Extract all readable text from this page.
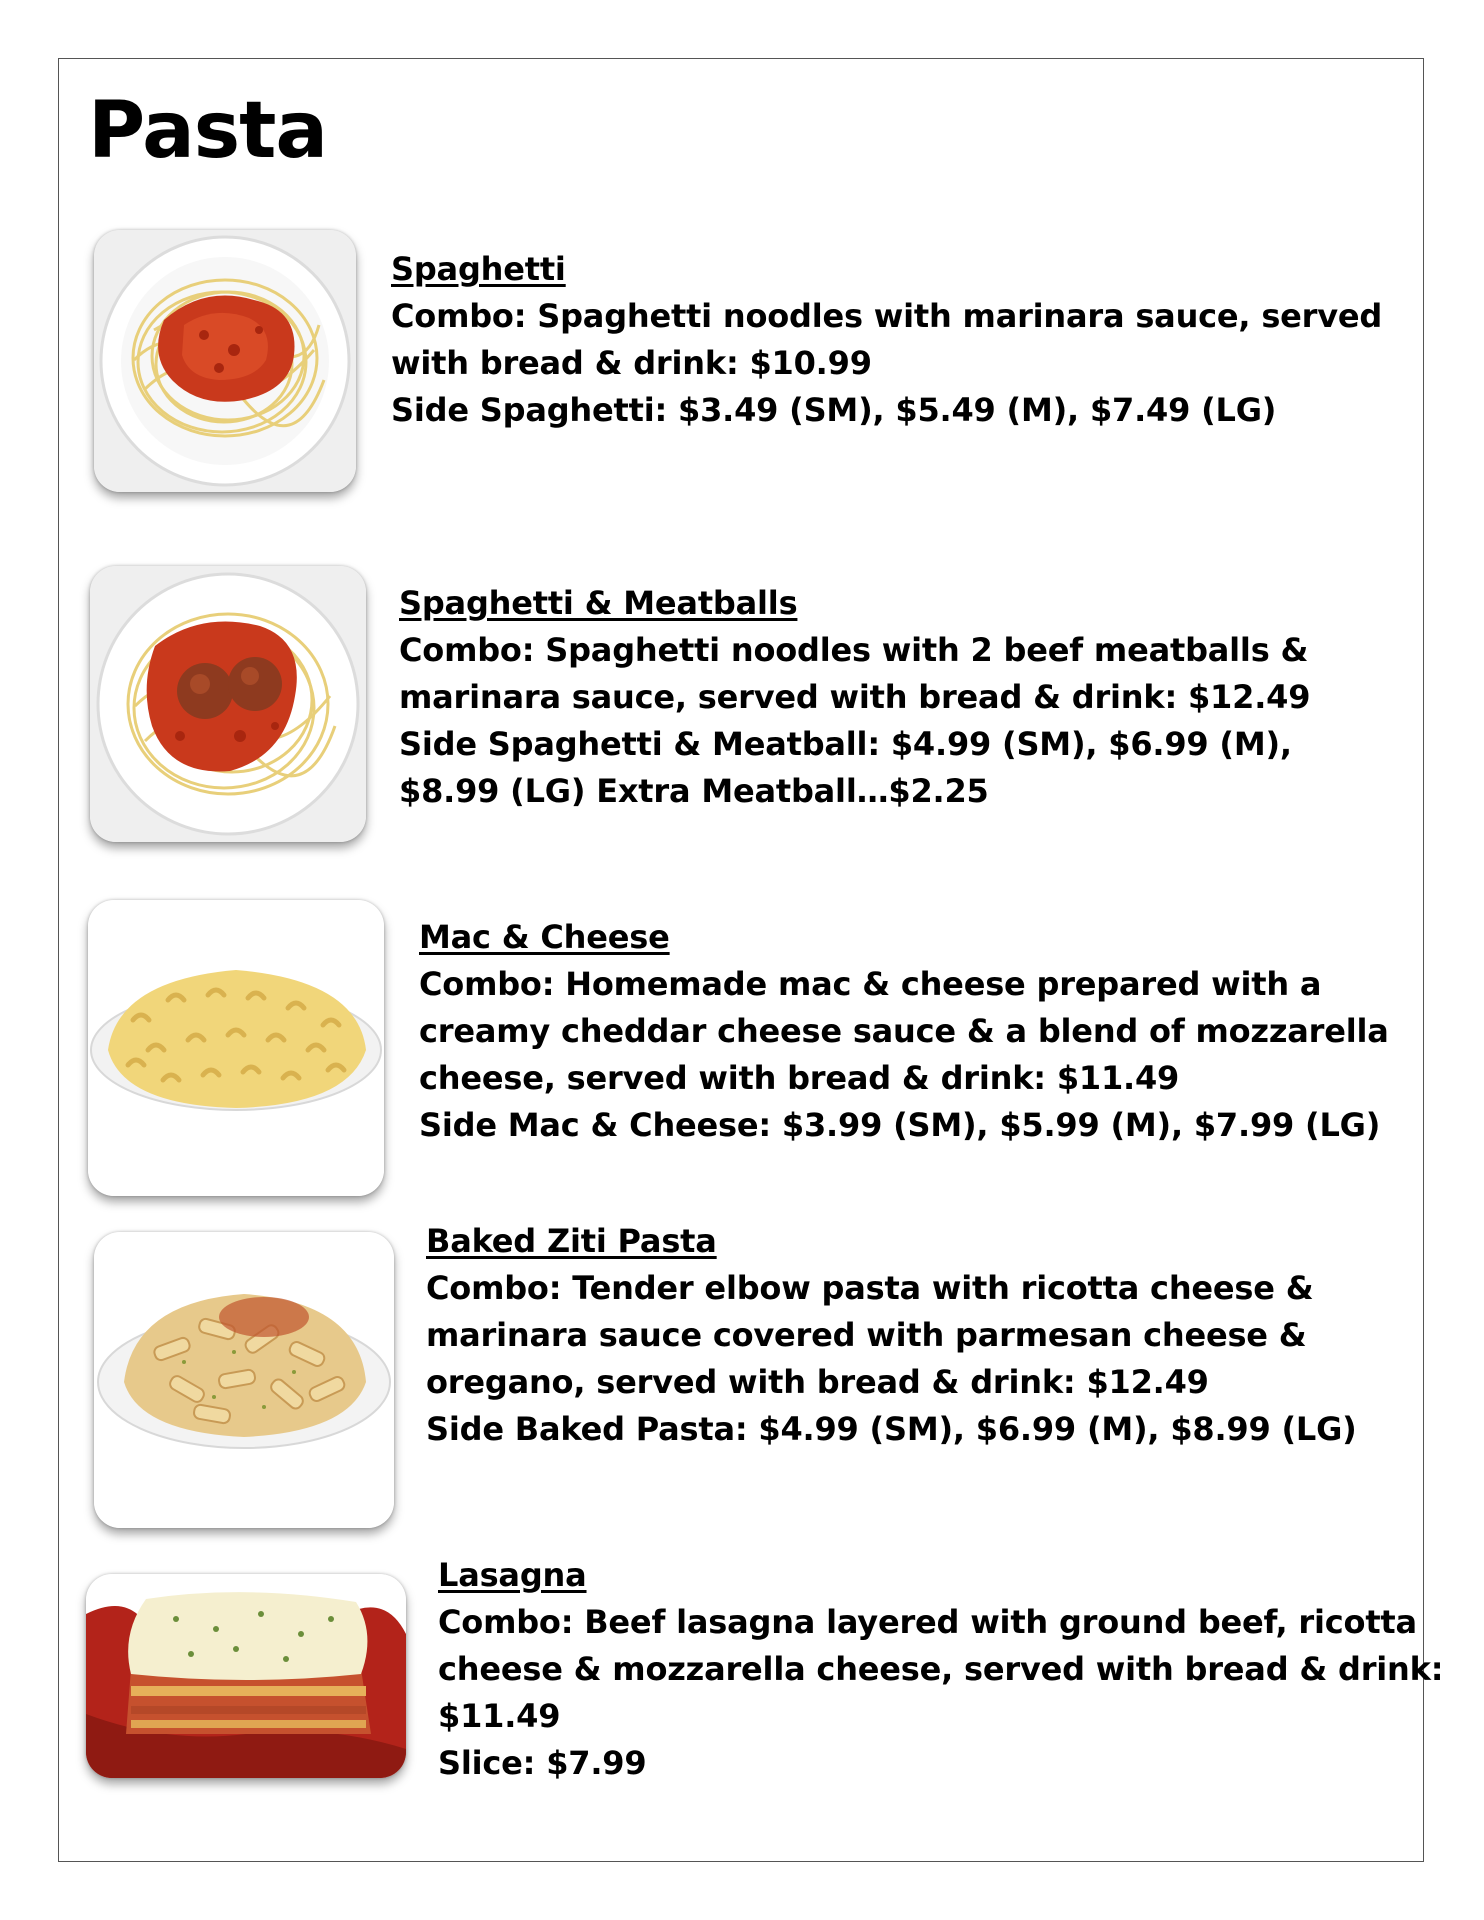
Pasta
Spaghetti
Combo: Spaghetti noodles with marinara sauce, served
with bread & drink: $10.99
Side Spaghetti: $3.49 (SM), $5.49 (M), $7.49 (LG)
Spaghetti & Meatballs
Combo: Spaghetti noodles with 2 beef meatballs &
marinara sauce, served with bread & drink: $12.49
Side Spaghetti & Meatball: $4.99 (SM), $6.99 (M),
$8.99 (LG) Extra Meatball…$2.25
Mac & Cheese
Combo: Homemade mac & cheese prepared with a
creamy cheddar cheese sauce & a blend of mozzarella
cheese, served with bread & drink: $11.49
Side Mac & Cheese: $3.99 (SM), $5.99 (M), $7.99 (LG)
Baked Ziti Pasta
Combo: Tender elbow pasta with ricotta cheese &
marinara sauce covered with parmesan cheese &
oregano, served with bread & drink: $12.49
Side Baked Pasta: $4.99 (SM), $6.99 (M), $8.99 (LG)
Lasagna
Combo: Beef lasagna layered with ground beef, ricotta
cheese & mozzarella cheese, served with bread & drink:
$11.49
Slice: $7.99
